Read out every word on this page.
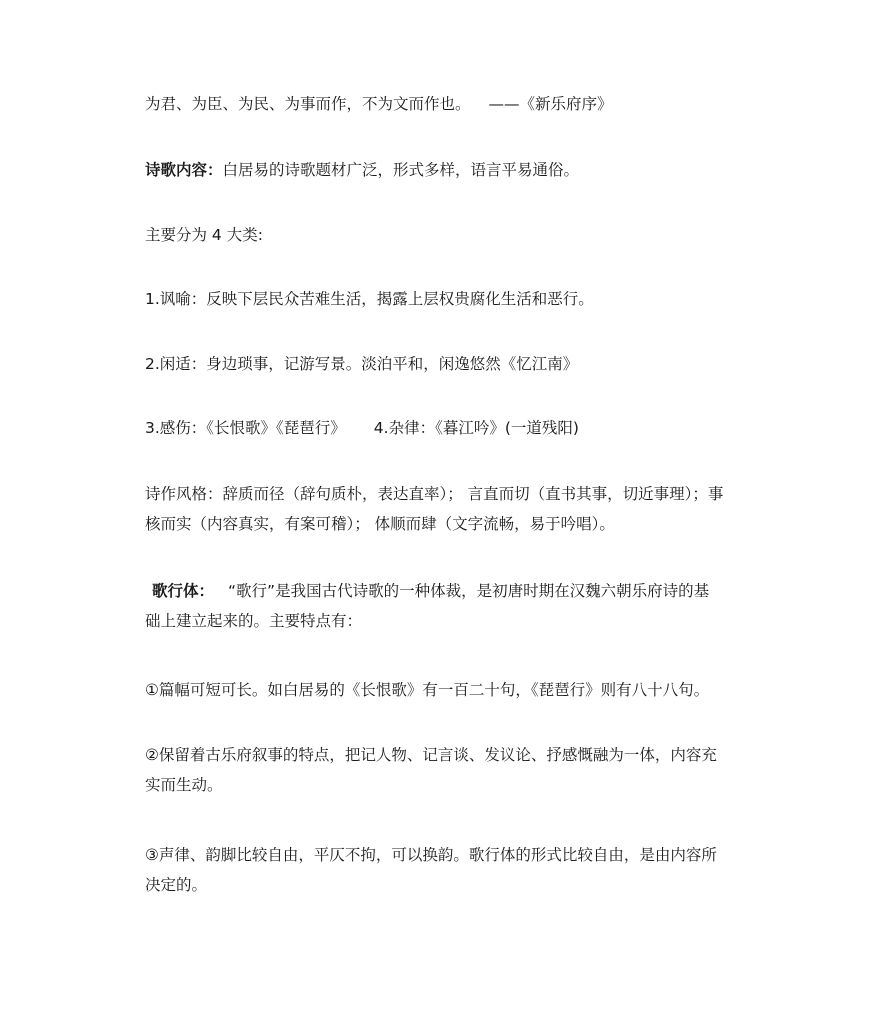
为君、为臣、为民、为事而作，不为文而作也。 ——《新乐府序》
诗歌内容：白居易的诗歌题材广泛，形式多样，语言平易通俗。
主要分为 4 大类:
1.讽喻：反映下层民众苦难生活，揭露上层权贵腐化生活和恶行。
2.闲适：身边琐事，记游写景。淡泊平和，闲逸悠然《忆江南》
3.感伤：《长恨歌》《琵琶行》 4.杂律：《暮江吟》(一道残阳)
诗作风格：辞质而径（辞句质朴，表达直率）； 言直而切（直书其事，切近事理）；事
核而实（内容真实，有案可稽）； 体顺而肆（文字流畅，易于吟唱）。
歌行体： “歌行”是我国古代诗歌的一种体裁，是初唐时期在汉魏六朝乐府诗的基
础上建立起来的。主要特点有：
①篇幅可短可长。如白居易的《长恨歌》有一百二十句，《琵琶行》则有八十八句。
②保留着古乐府叙事的特点，把记人物、记言谈、发议论、抒感慨融为一体，内容充
实而生动。
③声律、韵脚比较自由，平仄不拘，可以换韵。歌行体的形式比较自由，是由内容所
决定的。
